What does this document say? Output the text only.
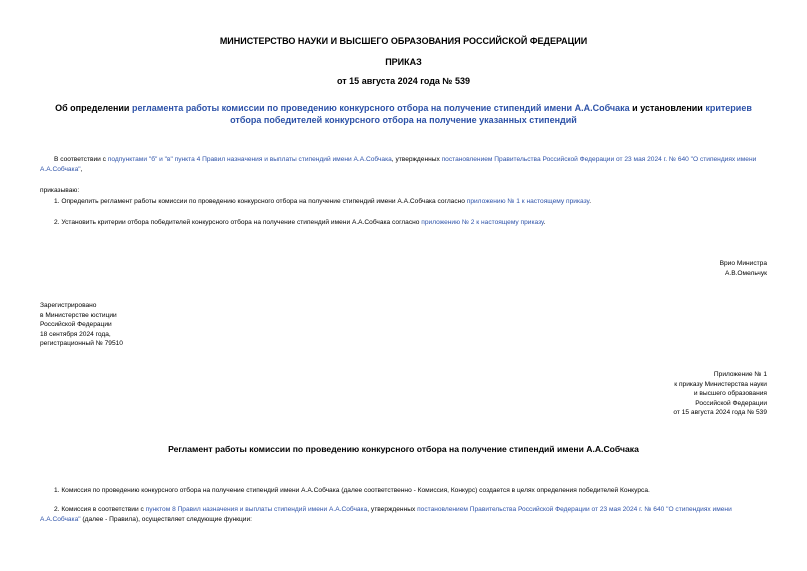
МИНИСТЕРСТВО НАУКИ И ВЫСШЕГО ОБРАЗОВАНИЯ РОССИЙСКОЙ ФЕДЕРАЦИИ
ПРИКАЗ
от 15 августа 2024 года № 539
Об определении регламента работы комиссии по проведению конкурсного отбора на получение стипендий имени А.А.Собчака и установлении критериев отбора победителей конкурсного отбора на получение указанных стипендий
В соответствии с подпунктами "б" и "в" пункта 4 Правил назначения и выплаты стипендий имени А.А.Собчака, утвержденных постановлением Правительства Российской Федерации от 23 мая 2024 г. № 640 "О стипендиях имени А.А.Собчака",
приказываю:
1. Определить регламент работы комиссии по проведению конкурсного отбора на получение стипендий имени А.А.Собчака согласно приложению № 1 к настоящему приказу.
2. Установить критерии отбора победителей конкурсного отбора на получение стипендий имени А.А.Собчака согласно приложению № 2 к настоящему приказу.
Врио Министра
А.В.Омельчук
Зарегистрировано
в Министерстве юстиции
Российской Федерации
18 сентября 2024 года,
регистрационный № 79510
Приложение № 1
к приказу Министерства науки
и высшего образования
Российской Федерации
от 15 августа 2024 года № 539
Регламент работы комиссии по проведению конкурсного отбора на получение стипендий имени А.А.Собчака
1. Комиссия по проведению конкурсного отбора на получение стипендий имени А.А.Собчака (далее соответственно - Комиссия, Конкурс) создается в целях определения победителей Конкурса.
2. Комиссия в соответствии с пунктом 8 Правил назначения и выплаты стипендий имени А.А.Собчака, утвержденных постановлением Правительства Российской Федерации от 23 мая 2024 г. № 640 "О стипендиях имени А.А.Собчака" (далее - Правила), осуществляет следующие функции:
